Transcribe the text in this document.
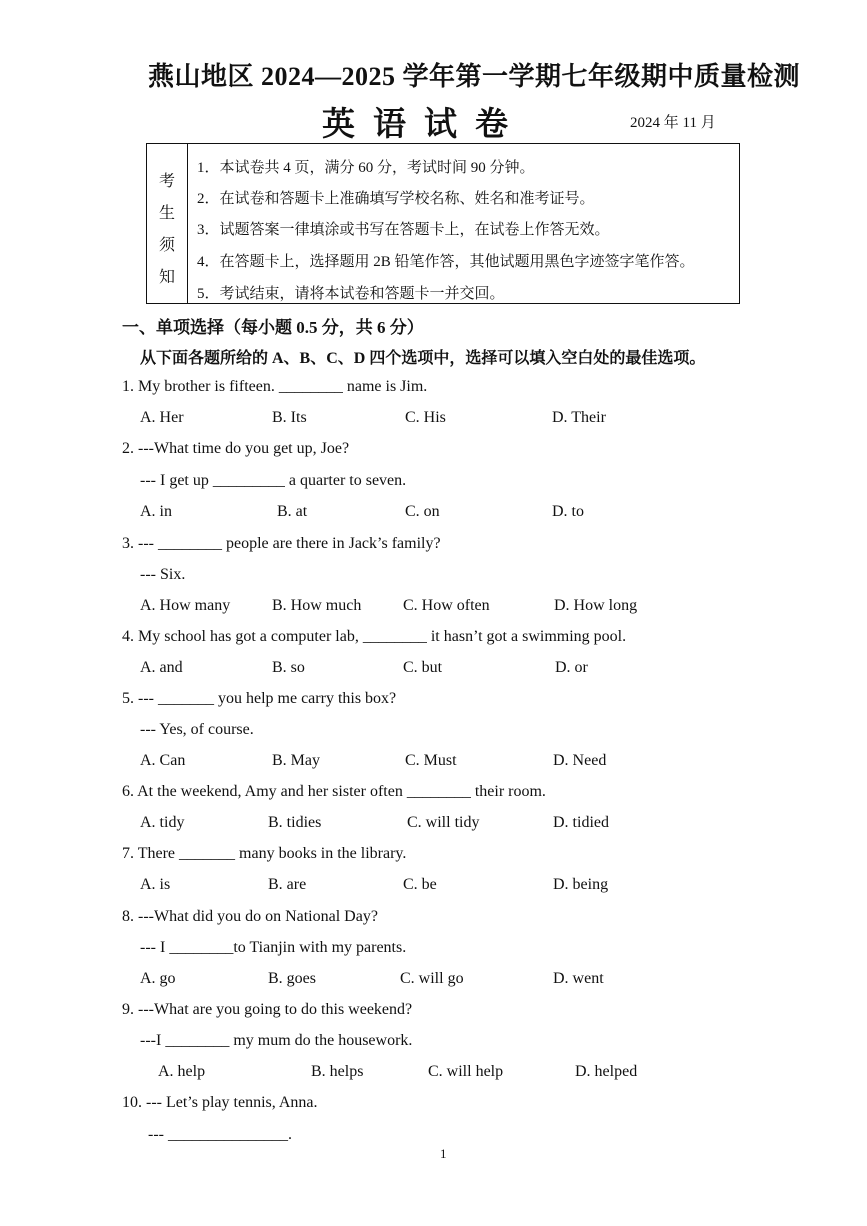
燕山地区 2024—2025 学年第一学期七年级期中质量检测
英语试卷	2024 年 11 月
考
生
须
知
1．本试卷共 4 页，满分 60 分，考试时间 90 分钟。
2．在试卷和答题卡上准确填写学校名称、姓名和准考证号。
3．试题答案一律填涂或书写在答题卡上，在试卷上作答无效。
4．在答题卡上，选择题用 2B 铅笔作答，其他试题用黑色字迹签字笔作答。
5．考试结束，请将本试卷和答题卡一并交回。
一、单项选择（每小题 0.5 分，共 6 分）
从下面各题所给的 A、B、C、D 四个选项中，选择可以填入空白处的最佳选项。
1. My brother is fifteen. ________ name is Jim.
A. Her	B. Its	C. His	D. Their
2. ---What time do you get up, Joe?
--- I get up _________ a quarter to seven.
A. in	B. at	C. on	D. to
3. --- ________ people are there in Jack’s family?
--- Six.
A. How many	B. How much	C. How often	D. How long
4. My school has got a computer lab, ________ it hasn’t got a swimming pool.
A. and	B. so	C. but	D. or
5. --- _______ you help me carry this box?
--- Yes, of course.
A. Can	B. May	C. Must	D. Need
6. At the weekend, Amy and her sister often ________ their room.
A. tidy	B. tidies	C. will tidy	D. tidied
7. There _______ many books in the library.
A. is	B. are	C. be	D. being
8. ---What did you do on National Day?
--- I ________to Tianjin with my parents.
A. go	B. goes	C. will go	D. went
9. ---What are you going to do this weekend?
---I ________ my mum do the housework.
A. help	B. helps	C. will help	D. helped
10. --- Let’s play tennis, Anna.
--- _______________.
1
